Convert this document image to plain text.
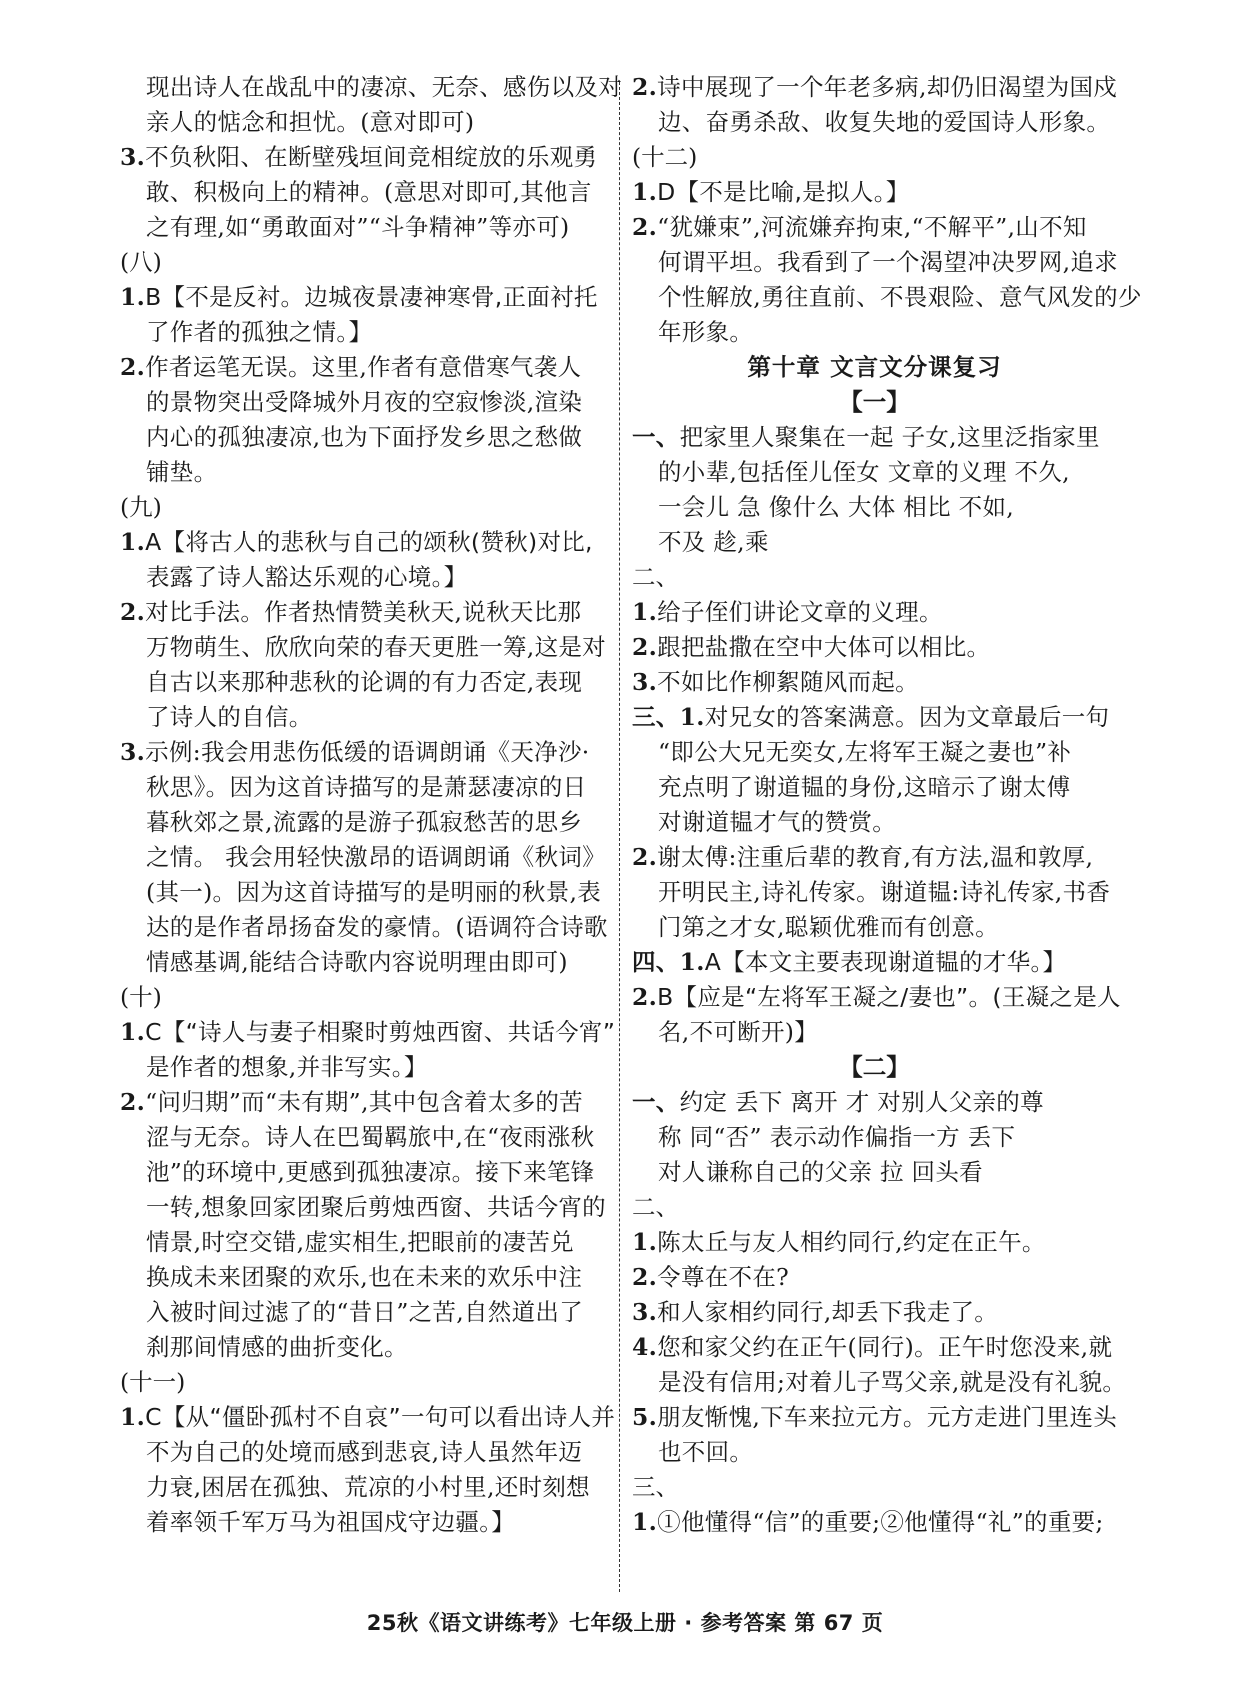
现出诗人在战乱中的凄凉、无奈、感伤以及对
亲人的惦念和担忧。(意对即可)
3.不负秋阳、在断壁残垣间竞相绽放的乐观勇
敢、积极向上的精神。(意思对即可,其他言
之有理,如“勇敢面对”“斗争精神”等亦可)
(八)
1.B【不是反衬。边城夜景凄神寒骨,正面衬托
了作者的孤独之情。】
2.作者运笔无误。这里,作者有意借寒气袭人
的景物突出受降城外月夜的空寂惨淡,渲染
内心的孤独凄凉,也为下面抒发乡思之愁做
铺垫。
(九)
1.A【将古人的悲秋与自己的颂秋(赞秋)对比,
表露了诗人豁达乐观的心境。】
2.对比手法。作者热情赞美秋天,说秋天比那
万物萌生、欣欣向荣的春天更胜一筹,这是对
自古以来那种悲秋的论调的有力否定,表现
了诗人的自信。
3.示例:我会用悲伤低缓的语调朗诵《天净沙·
秋思》。因为这首诗描写的是萧瑟凄凉的日
暮秋郊之景,流露的是游子孤寂愁苦的思乡
之情。 我会用轻快激昂的语调朗诵《秋词》
(其一)。因为这首诗描写的是明丽的秋景,表
达的是作者昂扬奋发的豪情。(语调符合诗歌
情感基调,能结合诗歌内容说明理由即可)
(十)
1.C【“诗人与妻子相聚时剪烛西窗、共话今宵”
是作者的想象,并非写实。】
2.“问归期”而“未有期”,其中包含着太多的苦
涩与无奈。诗人在巴蜀羁旅中,在“夜雨涨秋
池”的环境中,更感到孤独凄凉。接下来笔锋
一转,想象回家团聚后剪烛西窗、共话今宵的
情景,时空交错,虚实相生,把眼前的凄苦兑
换成未来团聚的欢乐,也在未来的欢乐中注
入被时间过滤了的“昔日”之苦,自然道出了
刹那间情感的曲折变化。
(十一)
1.C【从“僵卧孤村不自哀”一句可以看出诗人并
不为自己的处境而感到悲哀,诗人虽然年迈
力衰,困居在孤独、荒凉的小村里,还时刻想
着率领千军万马为祖国戍守边疆。】
2.诗中展现了一个年老多病,却仍旧渴望为国戍
边、奋勇杀敌、收复失地的爱国诗人形象。
(十二)
1.D【不是比喻,是拟人。】
2.“犹嫌束”,河流嫌弃拘束,“不解平”,山不知
何谓平坦。我看到了一个渴望冲决罗网,追求
个性解放,勇往直前、不畏艰险、意气风发的少
年形象。
第十章 文言文分课复习
【一】
一、把家里人聚集在一起 子女,这里泛指家里
的小辈,包括侄儿侄女 文章的义理 不久,
一会儿 急 像什么 大体 相比 不如,
不及 趁,乘
二、
1.给子侄们讲论文章的义理。
2.跟把盐撒在空中大体可以相比。
3.不如比作柳絮随风而起。
三、1.对兄女的答案满意。因为文章最后一句
“即公大兄无奕女,左将军王凝之妻也”补
充点明了谢道韫的身份,这暗示了谢太傅
对谢道韫才气的赞赏。
2.谢太傅:注重后辈的教育,有方法,温和敦厚,
开明民主,诗礼传家。谢道韫:诗礼传家,书香
门第之才女,聪颖优雅而有创意。
四、1.A【本文主要表现谢道韫的才华。】
2.B【应是“左将军王凝之/妻也”。(王凝之是人
名,不可断开)】
【二】
一、约定 丢下 离开 才 对别人父亲的尊
称 同“否” 表示动作偏指一方 丢下
对人谦称自己的父亲 拉 回头看
二、
1.陈太丘与友人相约同行,约定在正午。
2.令尊在不在?
3.和人家相约同行,却丢下我走了。
4.您和家父约在正午(同行)。正午时您没来,就
是没有信用;对着儿子骂父亲,就是没有礼貌。
5.朋友惭愧,下车来拉元方。元方走进门里连头
也不回。
三、
1.①他懂得“信”的重要;②他懂得“礼”的重要;
25秋《语文讲练考》七年级上册 · 参考答案 第 67 页
